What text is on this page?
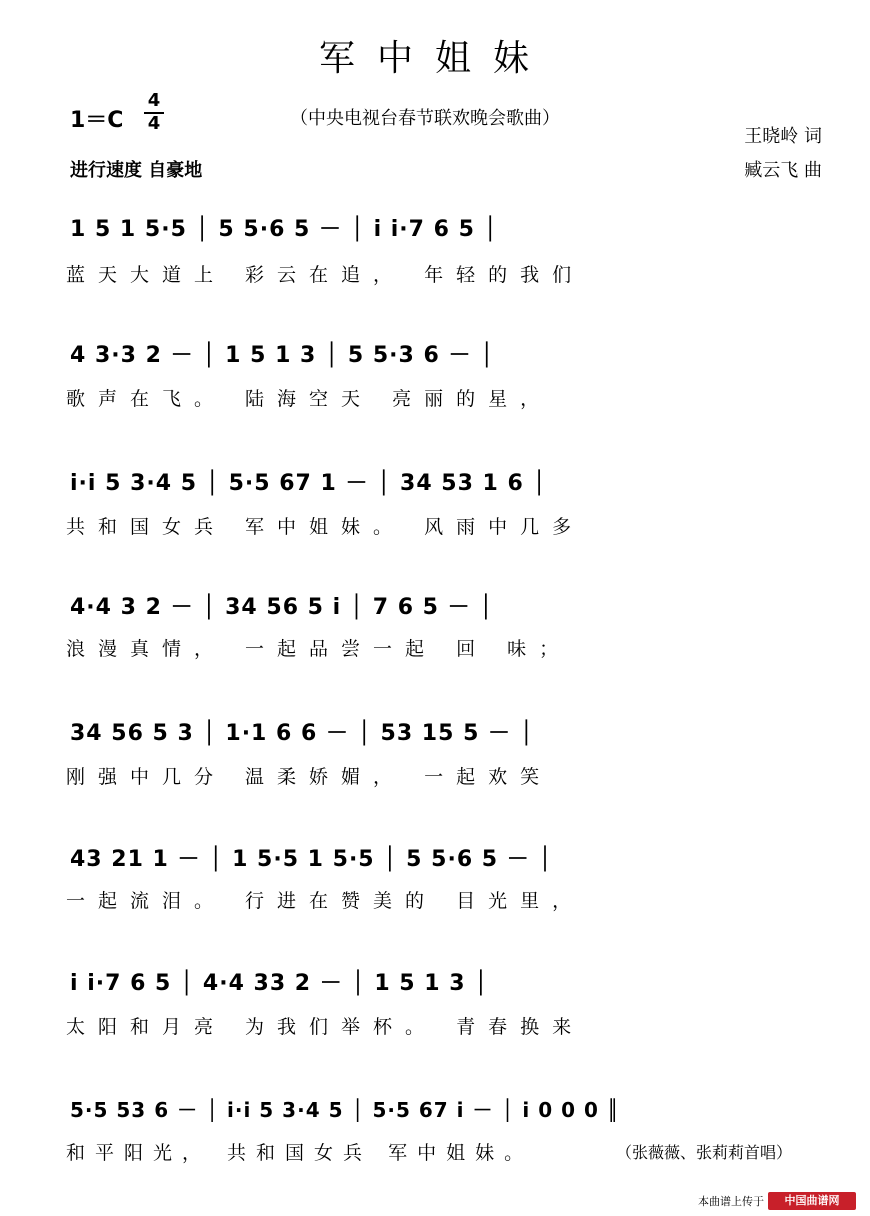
军中姐妹
1＝C
4
4	（中央电视台春节联欢晚会歌曲）
进行速度 自豪地
王晓岭 词
臧云飞 曲
1 5 1 5·5 │ 5 5·6 5 － │ i i·7 6 5 │
蓝天大道上 彩云在追， 年轻的我们
4 3·3 2 － │ 1 5 1 3 │ 5 5·3 6 － │
歌声在飞。 陆海空天 亮丽的星，
i·i 5 3·4 5 │ 5·5 67 1 － │ 34 53 1 6 │
共和国女兵 军中姐妹。 风雨中几多
4·4 3 2 － │ 34 56 5 i │ 7 6 5 － │
浪漫真情， 一起品尝一起 回 味；
34 56 5 3 │ 1·1 6 6 － │ 53 15 5 － │
刚强中几分 温柔娇媚， 一起欢笑
43 21 1 － │ 1 5·5 1 5·5 │ 5 5·6 5 － │
一起流泪。 行进在赞美的 目光里，
i i·7 6 5 │ 4·4 33 2 － │ 1 5 1 3 │
太阳和月亮 为我们举杯。 青春换来
5·5 53 6 － │ i·i 5 3·4 5 │ 5·5 67 i － │ i 0 0 0 ║
和平阳光， 共和国女兵 军中姐妹。	（张薇薇、张莉莉首唱）
本曲谱上传于	中国曲谱网
